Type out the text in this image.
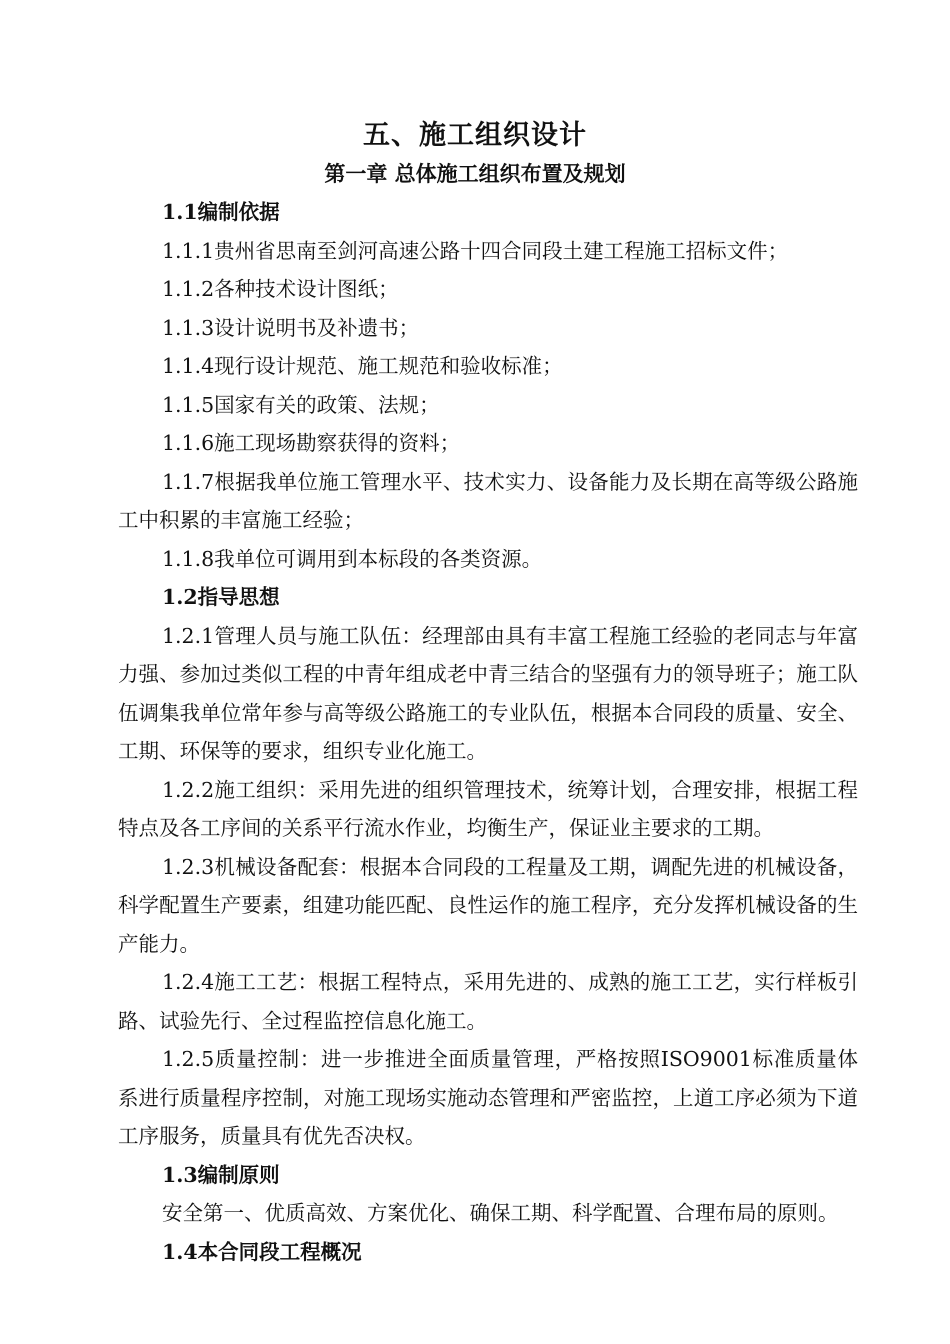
五、施工组织设计
第一章 总体施工组织布置及规划

1.1编制依据

1.1.1贵州省思南至剑河高速公路十四合同段土建工程施工招标文件；

1.1.2各种技术设计图纸；

1.1.3设计说明书及补遗书；

1.1.4现行设计规范、施工规范和验收标准；

1.1.5国家有关的政策、法规；

1.1.6施工现场勘察获得的资料；

1.1.7根据我单位施工管理水平、技术实力、设备能力及长期在高等级公路施工中积累的丰富施工经验；

1.1.8我单位可调用到本标段的各类资源。

1.2指导思想

1.2.1管理人员与施工队伍：经理部由具有丰富工程施工经验的老同志与年富力强、参加过类似工程的中青年组成老中青三结合的坚强有力的领导班子；施工队伍调集我单位常年参与高等级公路施工的专业队伍，根据本合同段的质量、安全、工期、环保等的要求，组织专业化施工。

1.2.2施工组织：采用先进的组织管理技术，统筹计划，合理安排，根据工程特点及各工序间的关系平行流水作业，均衡生产，保证业主要求的工期。

1.2.3机械设备配套：根据本合同段的工程量及工期，调配先进的机械设备，科学配置生产要素，组建功能匹配、良性运作的施工程序，充分发挥机械设备的生产能力。

1.2.4施工工艺：根据工程特点，采用先进的、成熟的施工工艺，实行样板引路、试验先行、全过程监控信息化施工。

1.2.5质量控制：进一步推进全面质量管理，严格按照ISO9001标准质量体系进行质量程序控制，对施工现场实施动态管理和严密监控，上道工序必须为下道工序服务，质量具有优先否决权。

1.3编制原则

安全第一、优质高效、方案优化、确保工期、科学配置、合理布局的原则。

1.4本合同段工程概况
